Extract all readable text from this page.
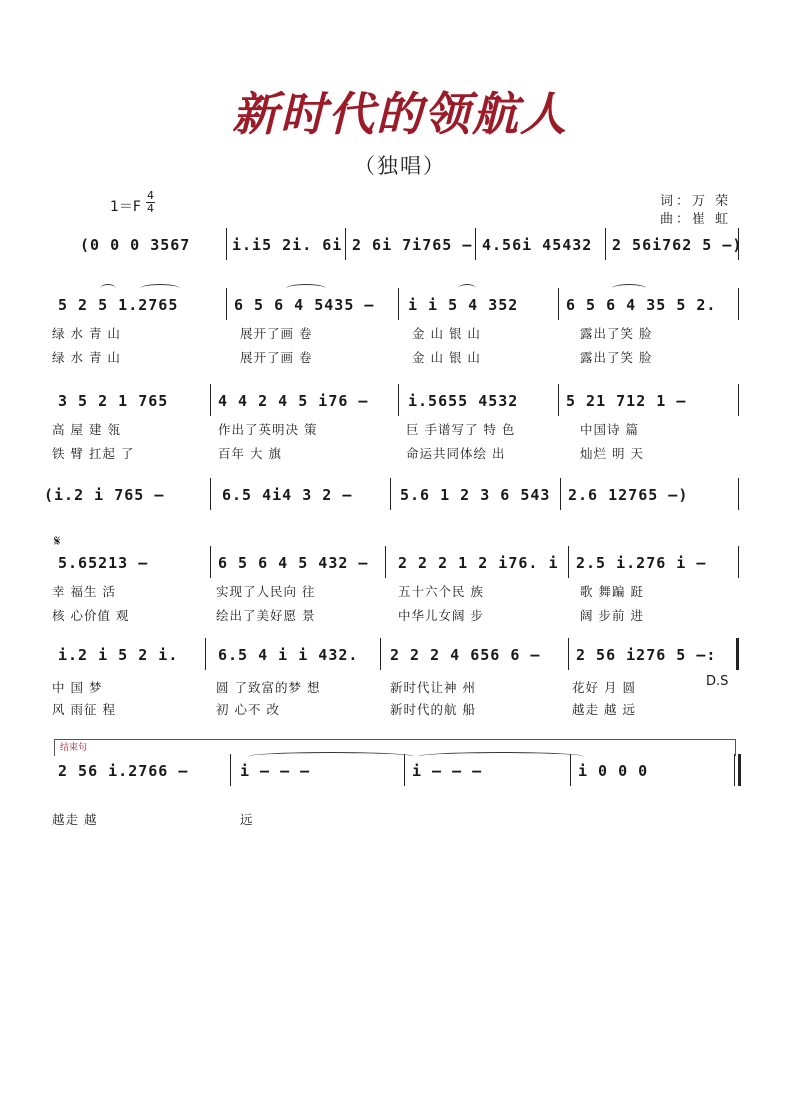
新时代的领航人
（独唱）
1＝F
4
4	词：万 荣
曲：崔 虹
(0 0 0 3567	i.i5 2i. 6i 2 6i 7i765 – 4.56i 45432 2 56i762 5 –)
5 2 5 1.2765	6 5 6 4 5435 – i i 5 4 352	6 5 6 4 35 5 2.
绿 水 青 山	展开了画 卷	金 山 银 山	露出了笑 脸
绿 水 青 山	展开了画 卷	金 山 银 山	露出了笑 脸
3 5 2 1 765	4 4 2 4 5 i76 –	i.5655 4532	5 21 712 1 –
高 屋 建 瓴	作出了英明决 策	巨 手谱写了 特 色	中国诗 篇
铁 臂 扛起 了	百年 大 旗	命运共同体绘 出	灿烂 明 天
(i.2 i 765 –	6.5 4i4 3 2 –	5.6 1 2 3 6 543 2.6 12765 –)
𝄋
5.65213 –	6 5 6 4 5 432 – 2 2 2 1 2 i76. i 2.5 i.276 i –
幸 福生 活	实现了人民向 往	五十六个民 族	歌 舞蹁 跹
核 心价值 观	绘出了美好愿 景	中华儿女阔 步	阔 步前 进
i.2 i 5 2 i.	6.5 4 i i 432. 2 2 2 4 656 6 – 2 56 i276 5 –:
D.S
中 国 梦	圆 了致富的梦 想	新时代让神 州	花好 月 圆
风 雨征 程	初 心不 改	新时代的航 船	越走 越 远
结束句
2 56 i.2766 –	i – – –	i – – –	i 0 0 0
越走 越	远
